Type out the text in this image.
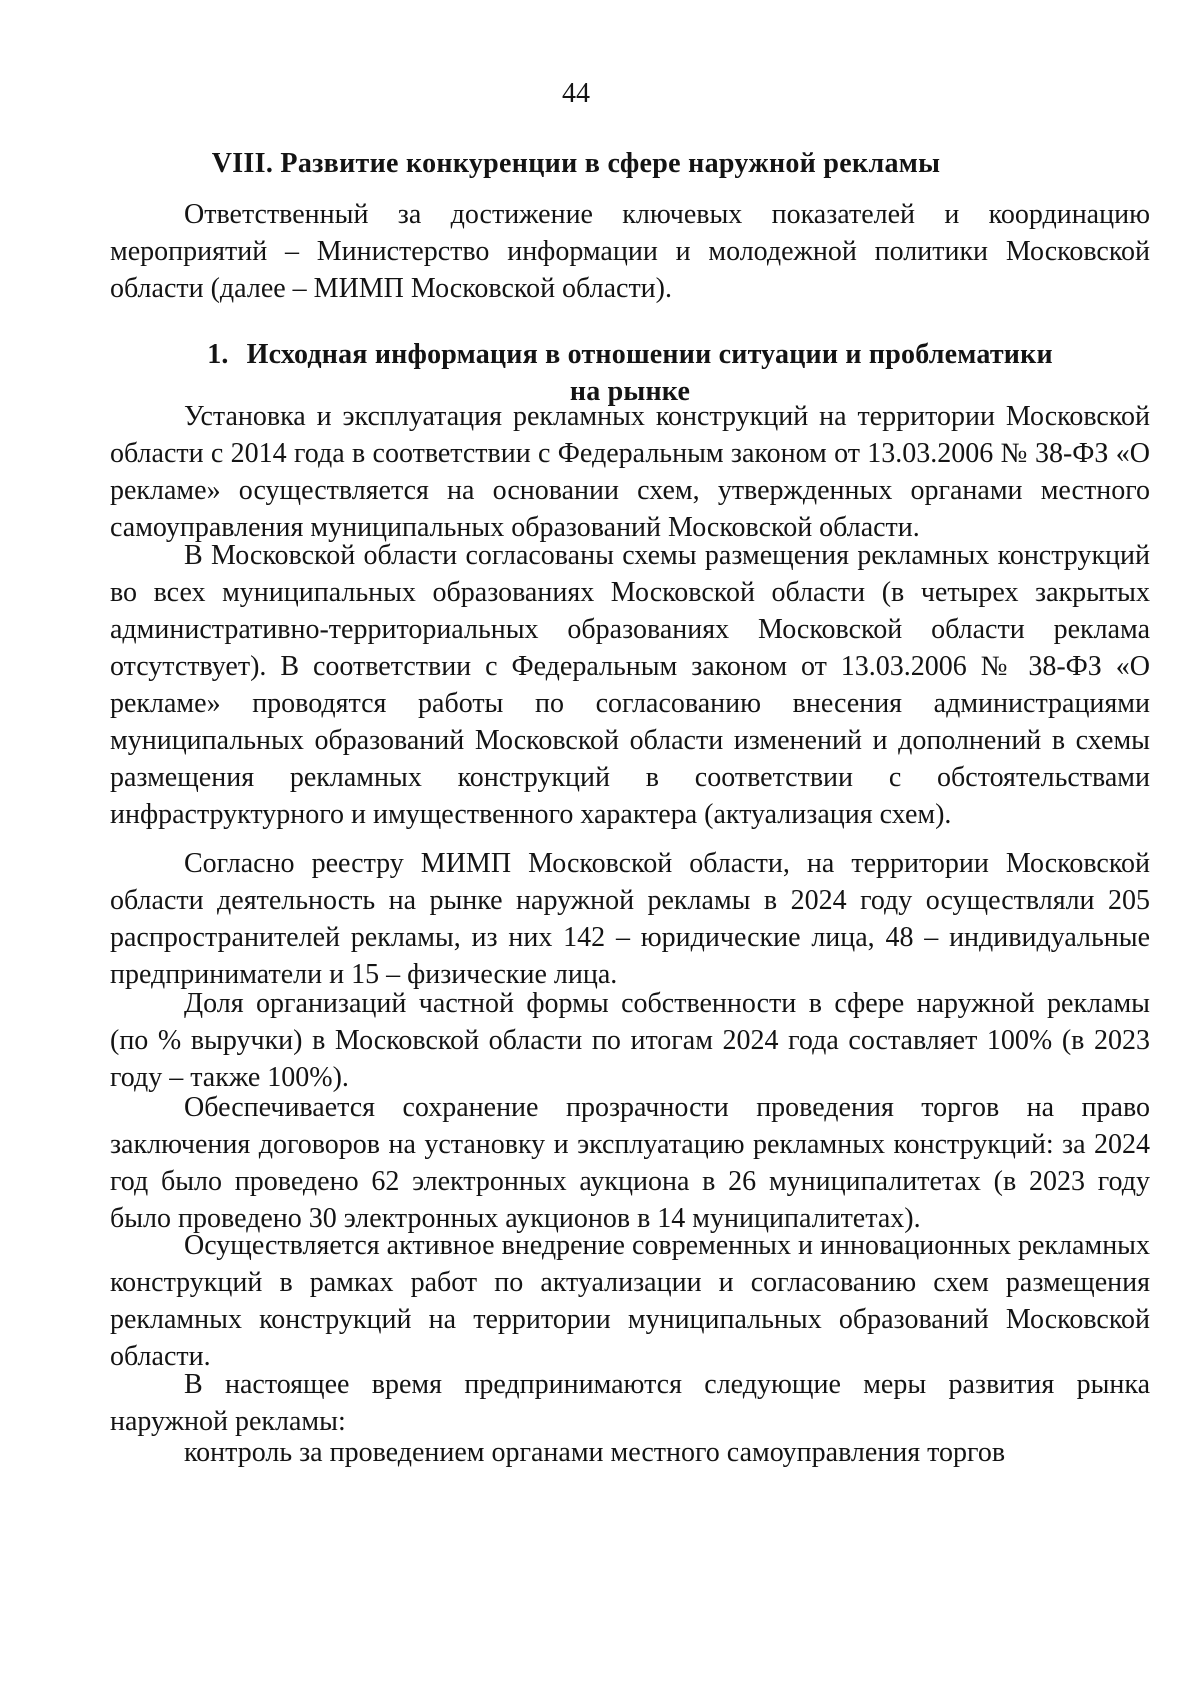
44
VIII. Развитие конкуренции в сфере наружной рекламы

Ответственный за достижение ключевых показателей и координацию мероприятий – Министерство информации и молодежной политики Московской области (далее – МИМП Московской области).

1. Исходная информация в отношении ситуации и проблематики
на рынке

Установка и эксплуатация рекламных конструкций на территории Московской области с 2014 года в соответствии с Федеральным законом от 13.03.2006 № 38-ФЗ «О рекламе» осуществляется на основании схем, утвержденных органами местного самоуправления муниципальных образований Московской области.

В Московской области согласованы схемы размещения рекламных конструкций во всех муниципальных образованиях Московской области (в четырех закрытых административно-территориальных образованиях Московской области реклама отсутствует). В соответствии с Федеральным законом от 13.03.2006 № 38-ФЗ «О рекламе» проводятся работы по согласованию внесения администрациями муниципальных образований Московской области изменений и дополнений в схемы размещения рекламных конструкций в соответствии с обстоятельствами инфраструктурного и имущественного характера (актуализация схем).

Согласно реестру МИМП Московской области, на территории Московской области деятельность на рынке наружной рекламы в 2024 году осуществляли 205 распространителей рекламы, из них 142 – юридические лица, 48 – индивидуальные предприниматели и 15 – физические лица.

Доля организаций частной формы собственности в сфере наружной рекламы (по % выручки) в Московской области по итогам 2024 года составляет 100% (в 2023 году – также 100%).

Обеспечивается сохранение прозрачности проведения торгов на право заключения договоров на установку и эксплуатацию рекламных конструкций: за 2024 год было проведено 62 электронных аукциона в 26 муниципалитетах (в 2023 году было проведено 30 электронных аукционов в 14 муниципалитетах).

Осуществляется активное внедрение современных и инновационных рекламных конструкций в рамках работ по актуализации и согласованию схем размещения рекламных конструкций на территории муниципальных образований Московской области.

В настоящее время предпринимаются следующие меры развития рынка наружной рекламы:

контроль за проведением органами местного самоуправления торгов
